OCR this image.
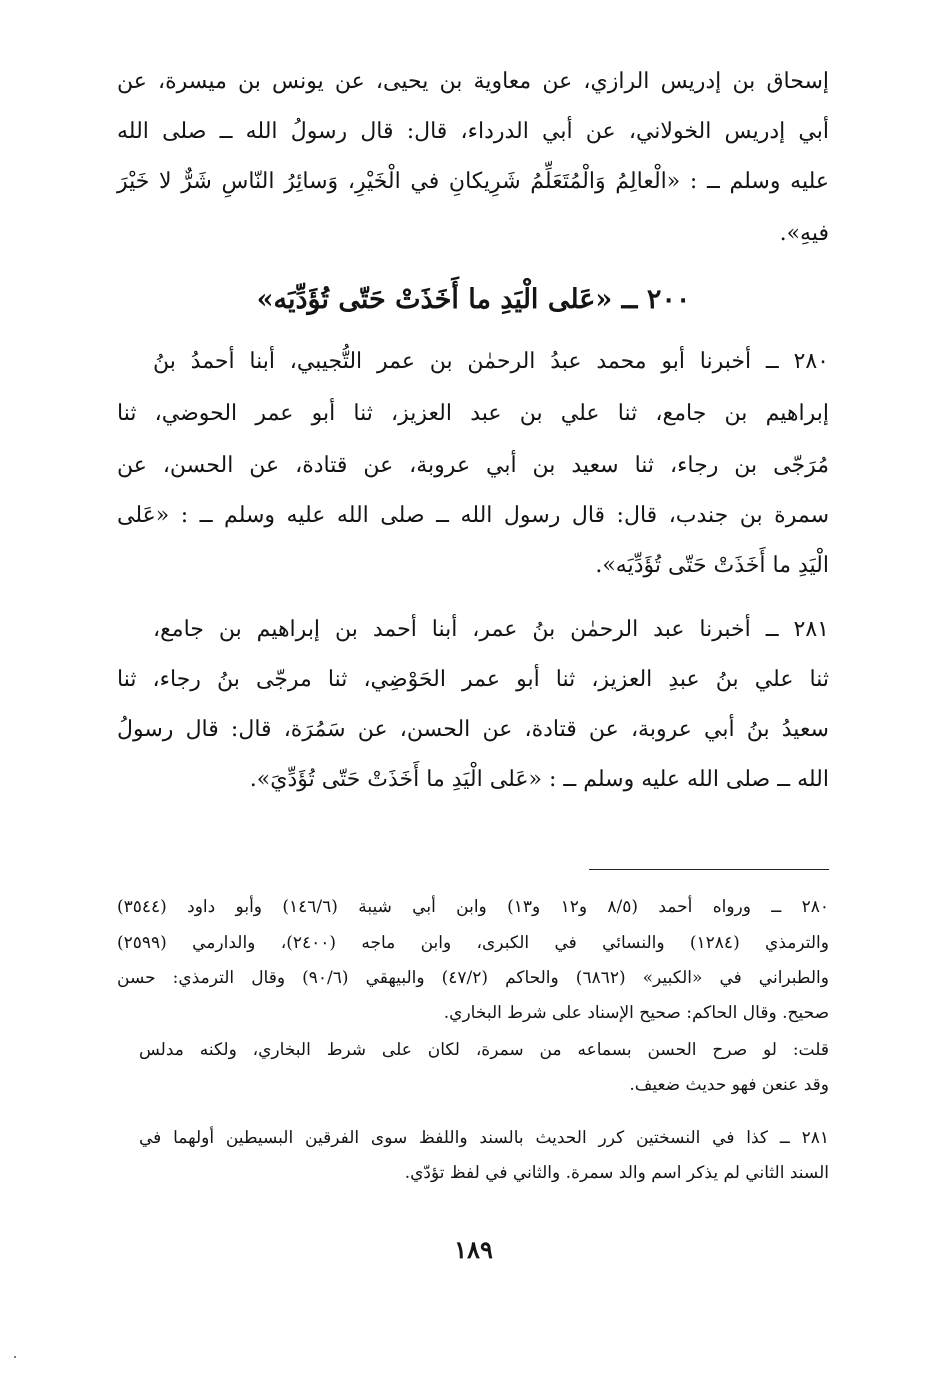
إسحاق بن إدريس الرازي، عن معاوية بن يحيى، عن يونس بن ميسرة، عن
أبي إدريس الخولاني، عن أبي الدرداء، قال: قال رسولُ الله ــ صلى الله
عليه وسلم ــ : «الْعالِمُ وَالْمُتَعَلِّمُ شَرِيكانِ في الْخَيْرِ، وَسائِرُ النّاسِ شَرٌّ لا خَيْرَ
فيهِ».
٢٠٠ ــ «عَلى الْيَدِ ما أَخَذَتْ حَتّى تُؤَدِّيَه»
٢٨٠ ــ أخبرنا أبو محمد عبدُ الرحمٰن بن عمر التُّجيبي، أبنا أحمدُ بنُ
إبراهيم بن جامع، ثنا علي بن عبد العزيز، ثنا أبو عمر الحوضي، ثنا
مُرَجّى بن رجاء، ثنا سعيد بن أبي عروبة، عن قتادة، عن الحسن، عن
سمرة بن جندب، قال: قال رسول الله ــ صلى الله عليه وسلم ــ : «عَلى
الْيَدِ ما أَخَذَتْ حَتّى تُؤَدِّيَه».
٢٨١ ــ أخبرنا عبد الرحمٰن بنُ عمر، أبنا أحمد بن إبراهيم بن جامع،
ثنا علي بنُ عبدِ العزيز، ثنا أبو عمر الحَوْضِي، ثنا مرجّى بنُ رجاء، ثنا
سعيدُ بنُ أبي عروبة، عن قتادة، عن الحسن، عن سَمُرَة، قال: قال رسولُ
الله ــ صلى الله عليه وسلم ــ : «عَلى الْيَدِ ما أَخَذَتْ حَتّى تُؤَدِّيَ».
٢٨٠ ــ ورواه أحمد (٨/٥ و١٢ و١٣) وابن أبي شيبة (١٤٦/٦) وأبو داود (٣٥٤٤)
والترمذي (١٢٨٤) والنسائي في الكبرى، وابن ماجه (٢٤٠٠)، والدارمي (٢٥٩٩)
والطبراني في «الكبير» (٦٨٦٢) والحاكم (٤٧/٢) والبيهقي (٩٠/٦) وقال الترمذي: حسن
صحيح. وقال الحاكم: صحيح الإسناد على شرط البخاري.
قلت: لو صرح الحسن بسماعه من سمرة، لكان على شرط البخاري، ولكنه مدلس
وقد عنعن فهو حديث ضعيف.
٢٨١ ــ كذا في النسختين كرر الحديث بالسند واللفظ سوى الفرقين البسيطين أولهما في
السند الثاني لم يذكر اسم والد سمرة. والثاني في لفظ تؤدّي.
١٨٩
